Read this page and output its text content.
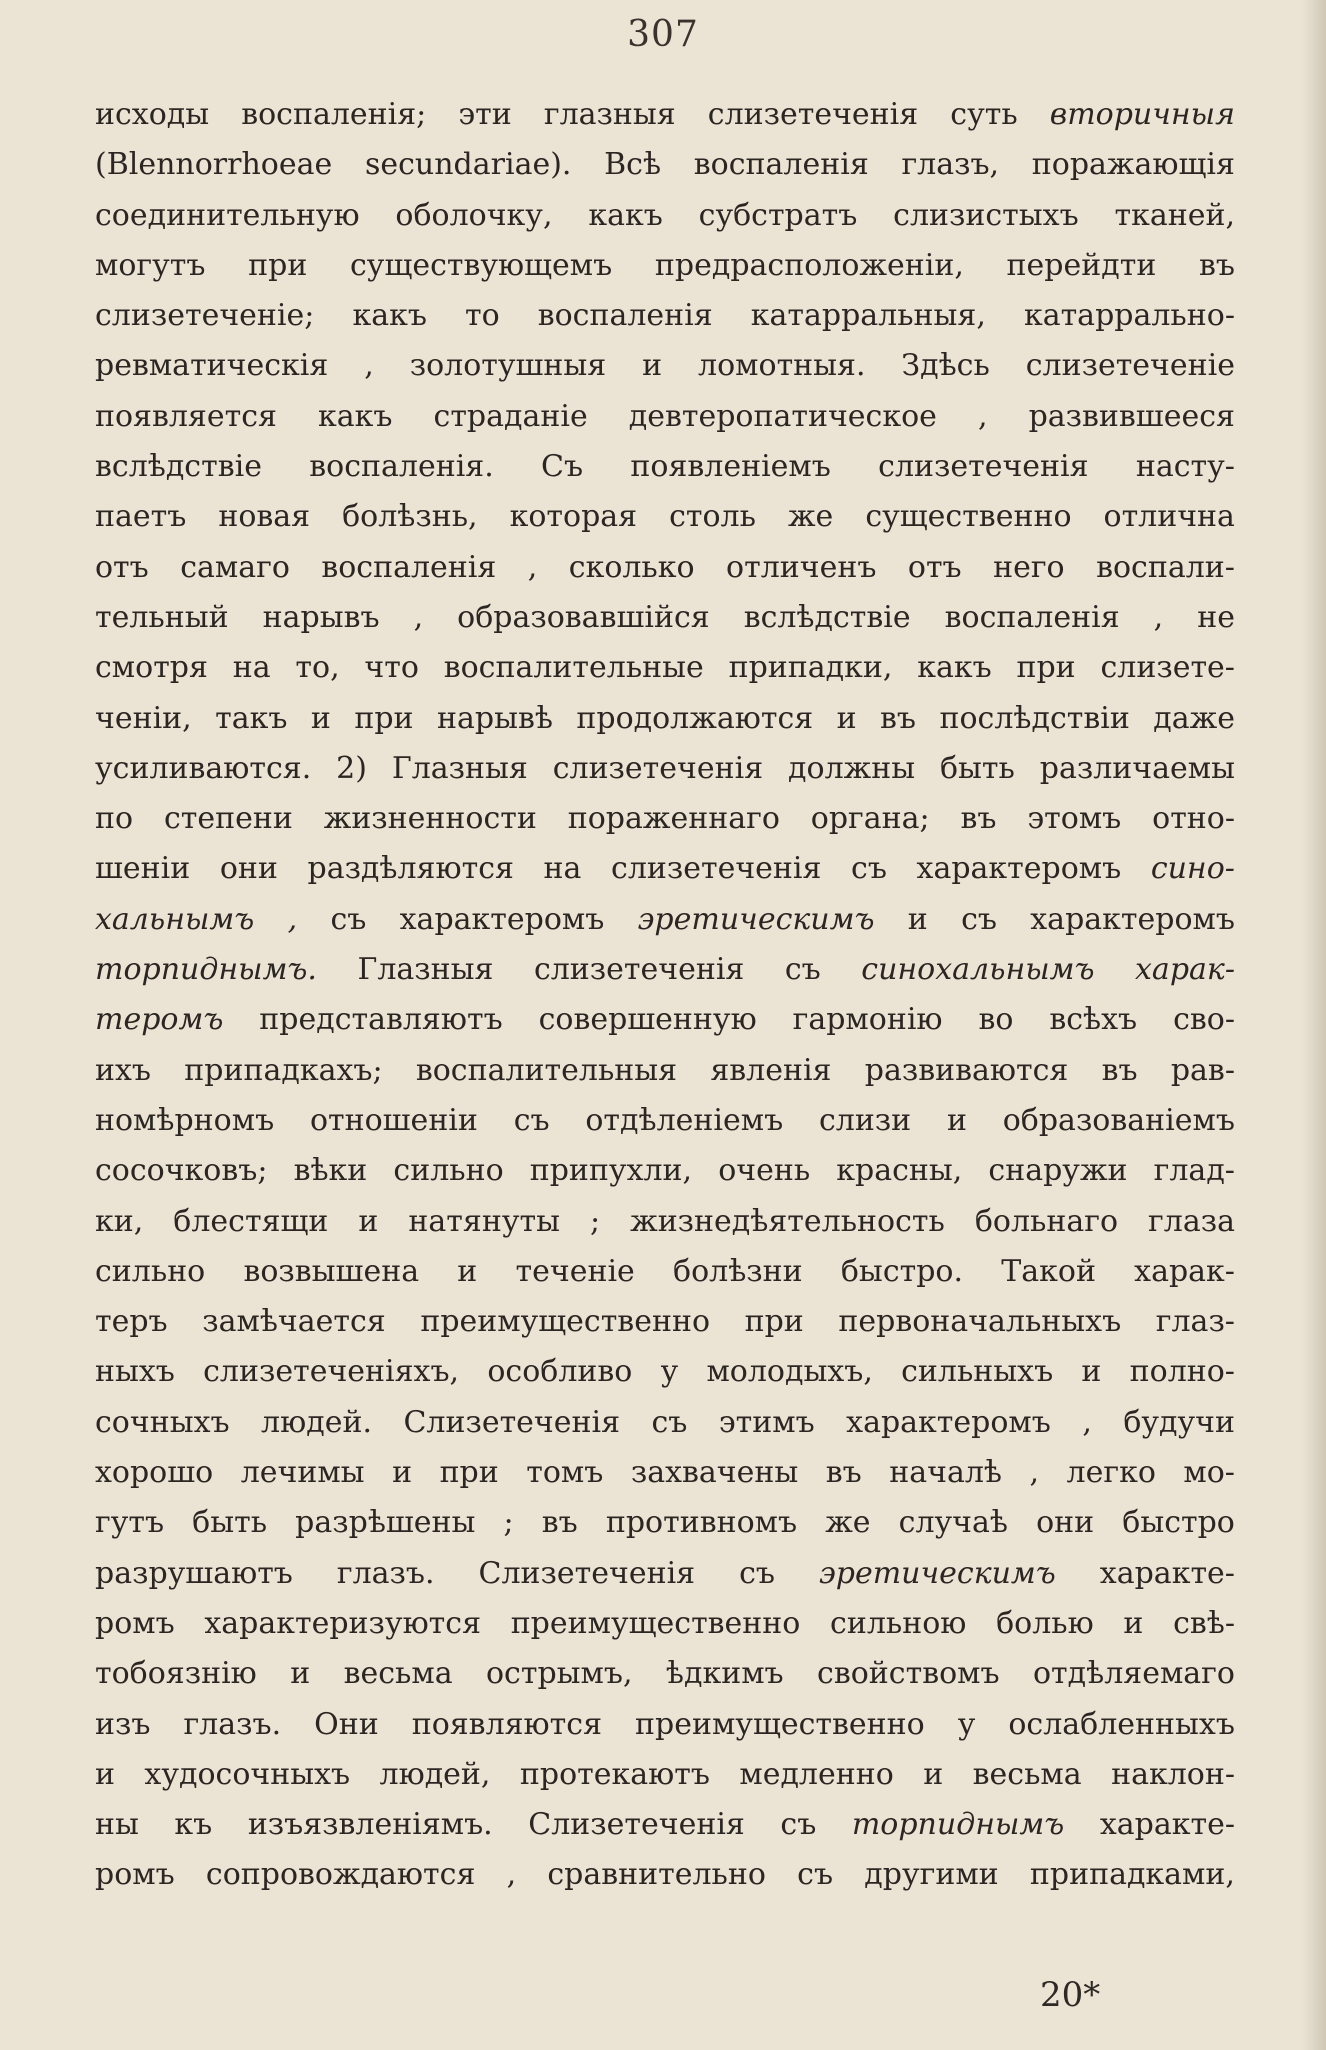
307
исходы воспаленія; эти глазныя слизетеченія суть вторичныя
(Blennorrhoeae secundariae). Всѣ воспаленія глазъ, поражающія
соединительную оболочку, какъ субстратъ слизистыхъ тканей,
могутъ при существующемъ предрасположеніи, перейдти въ
слизетеченіе; какъ то воспаленія катарральныя, катаррально-
ревматическія , золотушныя и ломотныя. Здѣсь слизетеченіе
появляется какъ страданіе девтеропатическое , развившееся
вслѣдствіе воспаленія. Съ появленіемъ слизетеченія насту-
паетъ новая болѣзнь, которая столь же существенно отлична
отъ самаго воспаленія , сколько отличенъ отъ него воспали-
тельный нарывъ , образовавшійся вслѣдствіе воспаленія , не
смотря на то, что воспалительные припадки, какъ при слизете-
ченіи, такъ и при нарывѣ продолжаются и въ послѣдствіи даже
усиливаются. 2) Глазныя слизетеченія должны быть различаемы
по степени жизненности пораженнаго органа; въ этомъ отно-
шеніи они раздѣляются на слизетеченія съ характеромъ сино-
хальнымъ , съ характеромъ эретическимъ и съ характеромъ
торпиднымъ. Глазныя слизетеченія съ синохальнымъ харак-
теромъ представляютъ совершенную гармонію во всѣхъ сво-
ихъ припадкахъ; воспалительныя явленія развиваются въ рав-
номѣрномъ отношеніи съ отдѣленіемъ слизи и образованіемъ
сосочковъ; вѣки сильно припухли, очень красны, снаружи глад-
ки, блестящи и натянуты ; жизнедѣятельность больнаго глаза
сильно возвышена и теченіе болѣзни быстро. Такой харак-
теръ замѣчается преимущественно при первоначальныхъ глаз-
ныхъ слизетеченіяхъ, особливо у молодыхъ, сильныхъ и полно-
сочныхъ людей. Слизетеченія съ этимъ характеромъ , будучи
хорошо лечимы и при томъ захвачены въ началѣ , легко мо-
гутъ быть разрѣшены ; въ противномъ же случаѣ они быстро
разрушаютъ глазъ. Слизетеченія съ эретическимъ характе-
ромъ характеризуются преимущественно сильною болью и свѣ-
тобоязнію и весьма острымъ, ѣдкимъ свойствомъ отдѣляемаго
изъ глазъ. Они появляются преимущественно у ослабленныхъ
и худосочныхъ людей, протекаютъ медленно и весьма наклон-
ны къ изъязвленіямъ. Слизетеченія съ торпиднымъ характе-
ромъ сопровождаются , сравнительно съ другими припадками,
20*
